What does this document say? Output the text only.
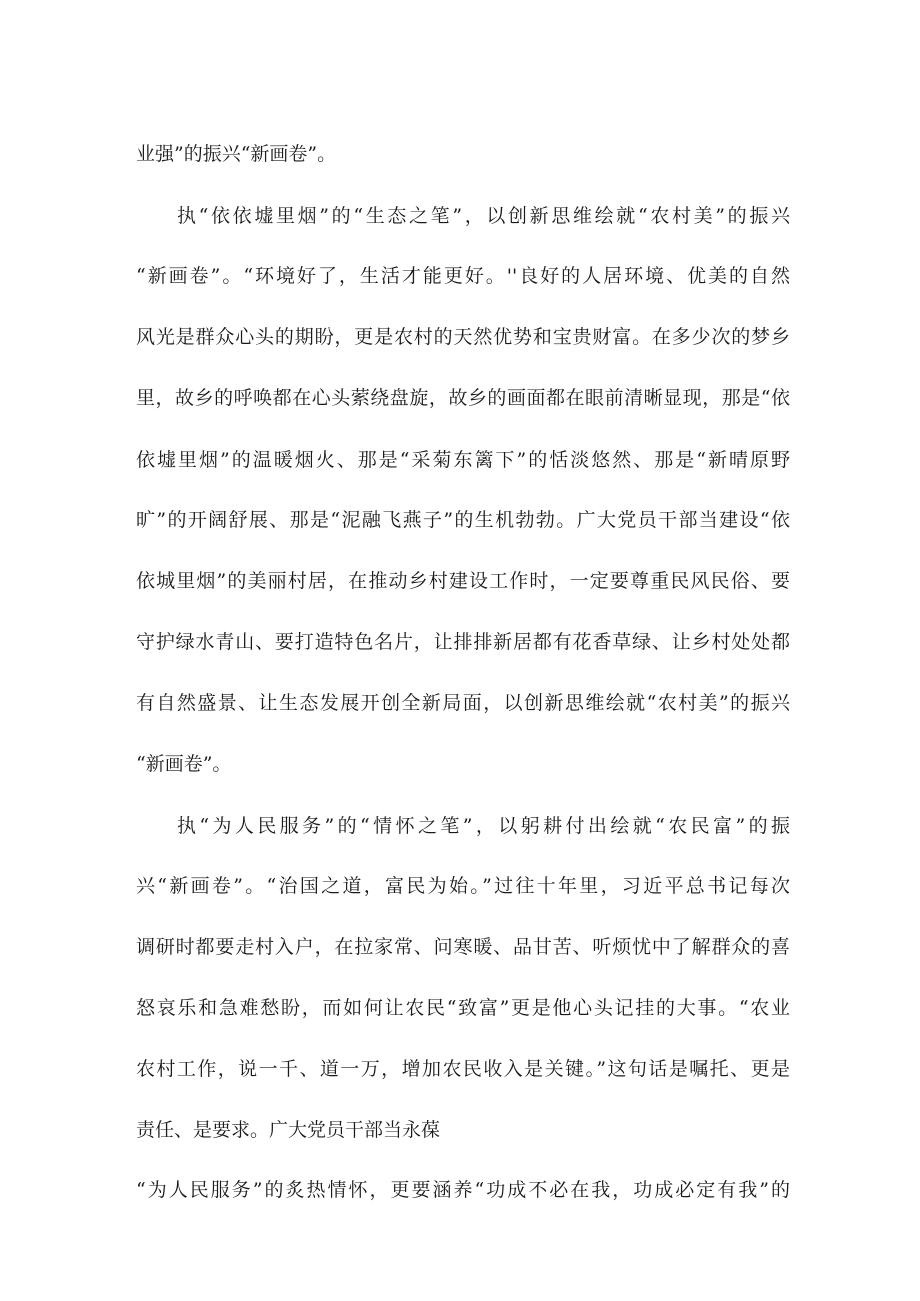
业强”的振兴“新画卷”。
执“依依墟里烟”的“生态之笔”，以创新思维绘就“农村美”的振兴
“新画卷”。“环境好了，生活才能更好。''良好的人居环境、优美的自然
风光是群众心头的期盼，更是农村的天然优势和宝贵财富。在多少次的梦乡
里，故乡的呼唤都在心头萦绕盘旋，故乡的画面都在眼前清晰显现，那是“依
依墟里烟”的温暖烟火、那是“采菊东篱下”的恬淡悠然、那是“新晴原野
旷”的开阔舒展、那是“泥融飞燕子”的生机勃勃。广大党员干部当建设“依
依城里烟”的美丽村居，在推动乡村建设工作时，一定要尊重民风民俗、要
守护绿水青山、要打造特色名片，让排排新居都有花香草绿、让乡村处处都
有自然盛景、让生态发展开创全新局面，以创新思维绘就“农村美”的振兴
“新画卷”。
执“为人民服务”的“情怀之笔”，以躬耕付出绘就“农民富”的振
兴“新画卷”。“治国之道，富民为始。”过往十年里，习近平总书记每次
调研时都要走村入户，在拉家常、问寒暖、品甘苦、听烦忧中了解群众的喜
怒哀乐和急难愁盼，而如何让农民“致富”更是他心头记挂的大事。“农业
农村工作，说一千、道一万，增加农民收入是关键。”这句话是嘱托、更是
责任、是要求。广大党员干部当永葆
“为人民服务”的炙热情怀，更要涵养“功成不必在我，功成必定有我”的
